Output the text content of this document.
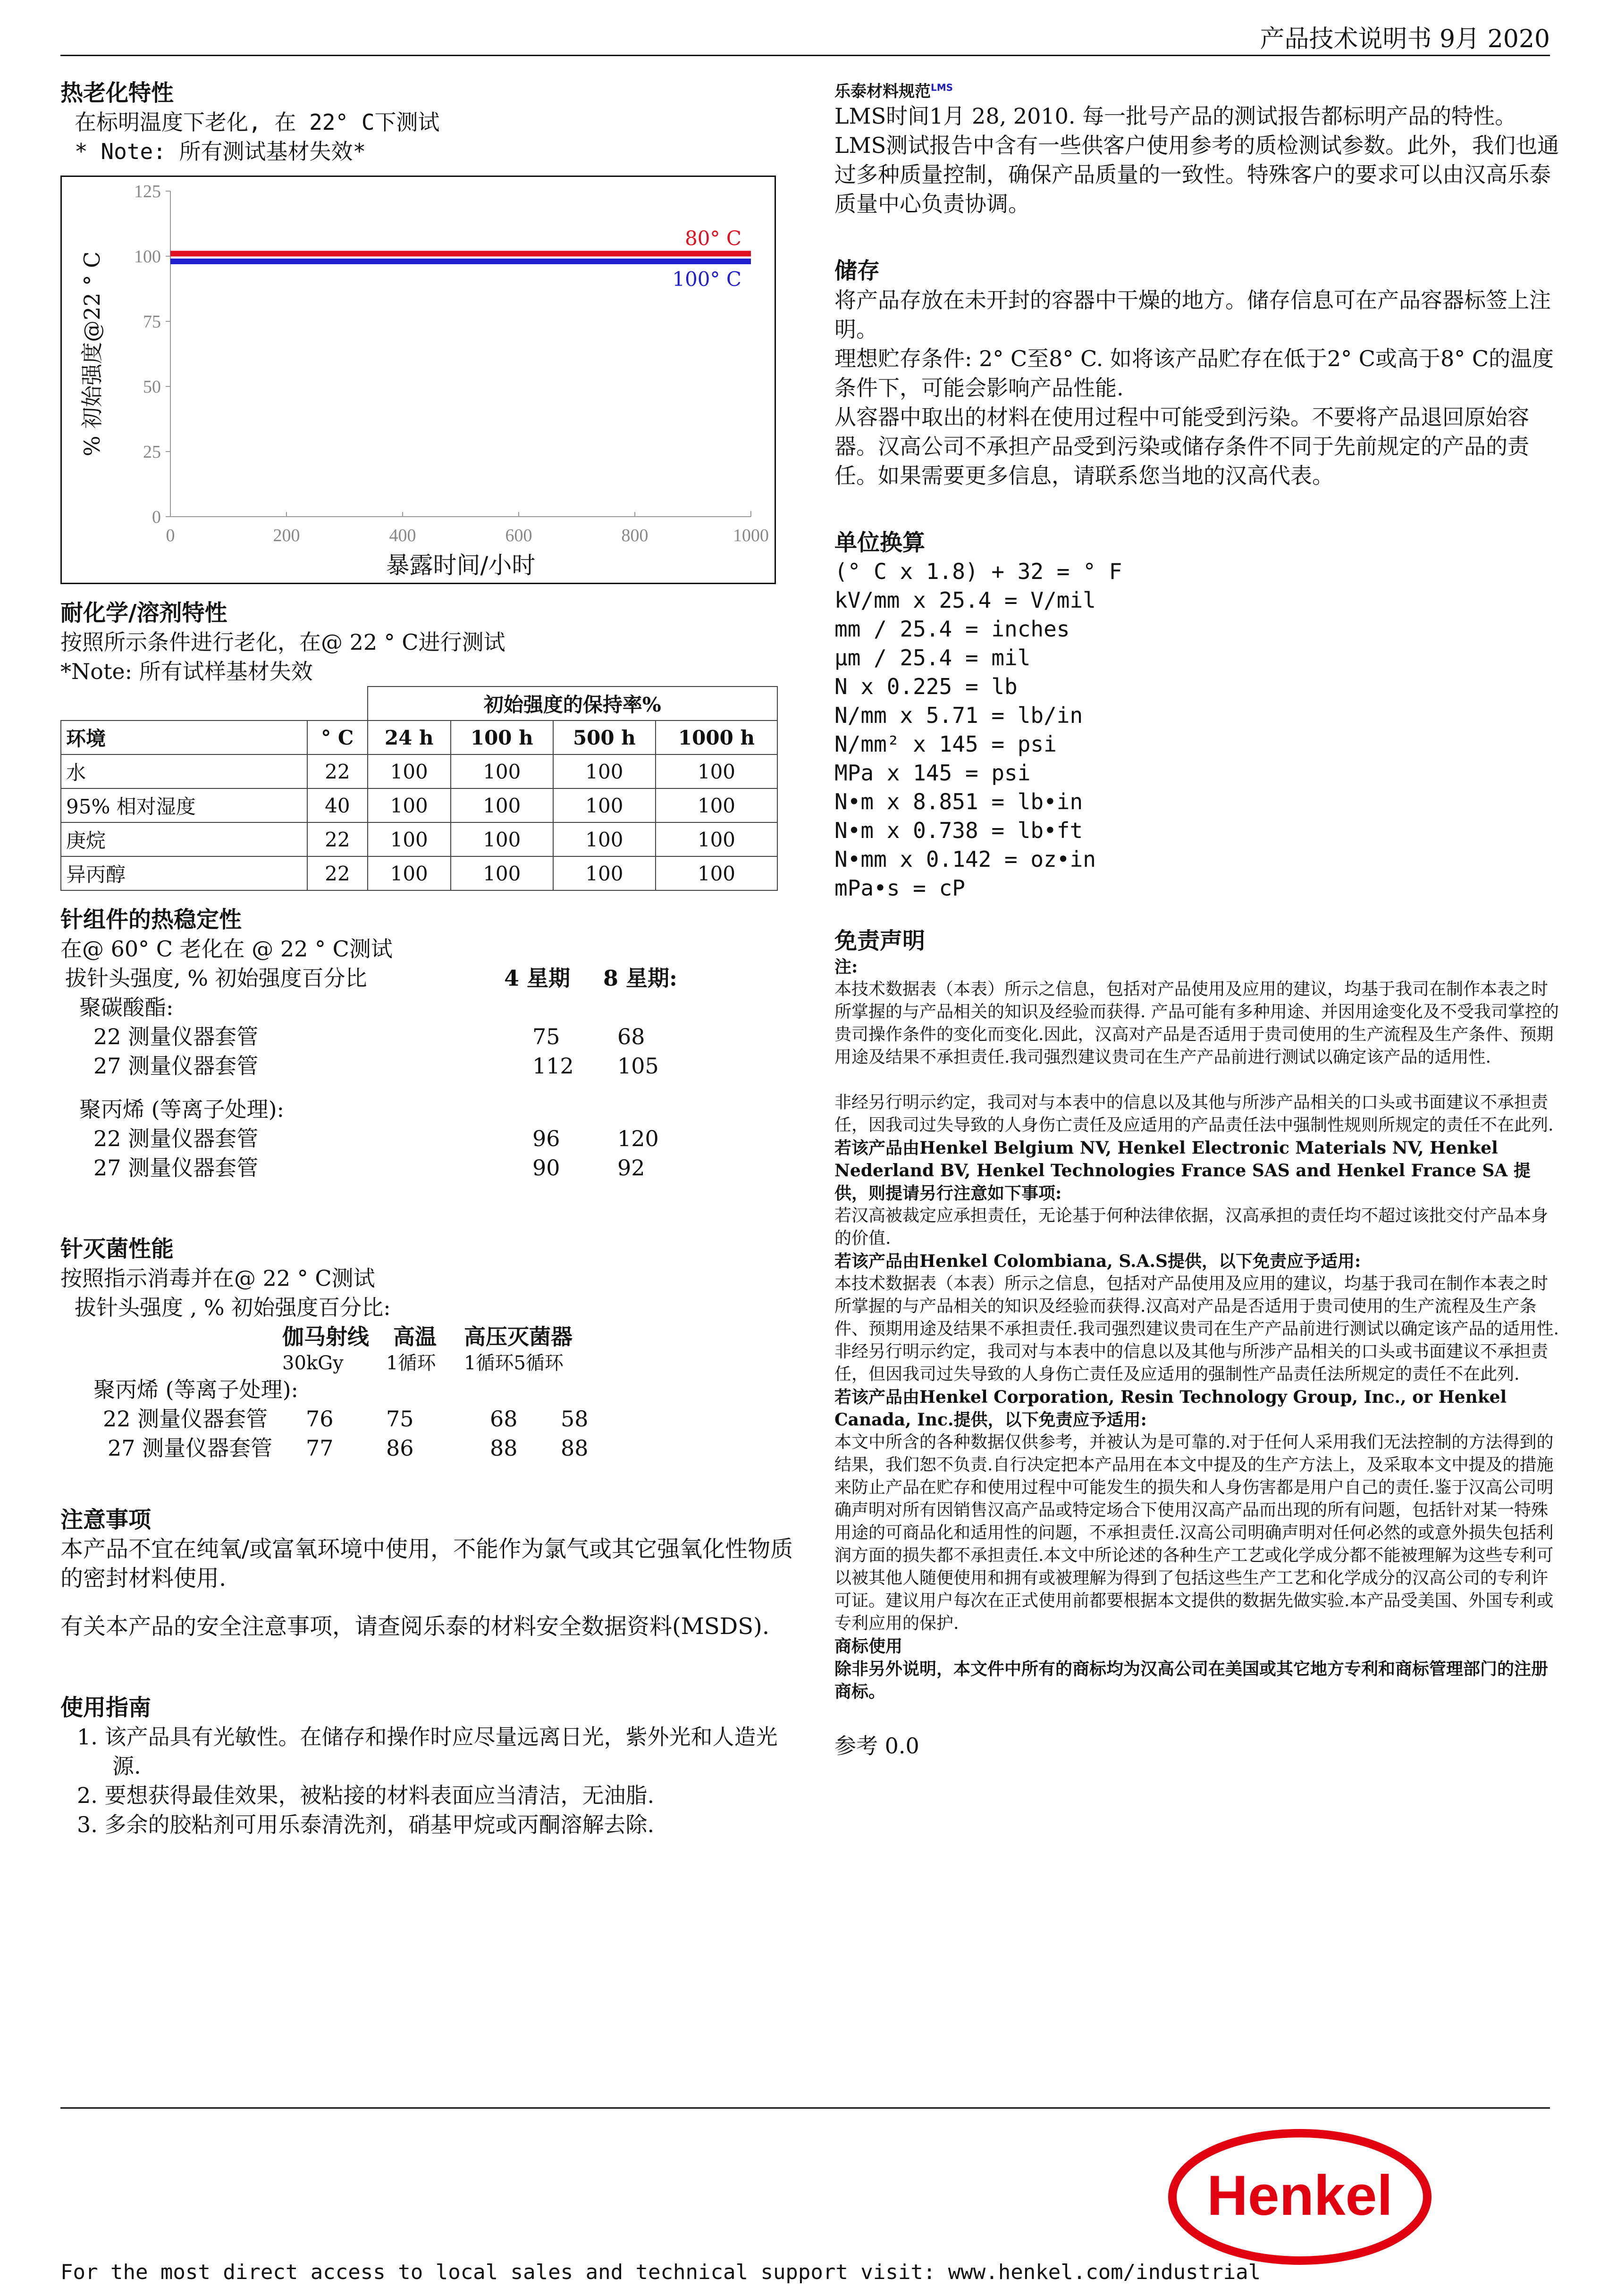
产品技术说明书 9月 2020
热老化特性
在标明温度下老化, 在 22° C下测试
* Note: 所有测试基材失效*
0
25
50
75
100
125
0	200	400	600	800	1000
暴露时间/小时
% 初始强度@22 ° C
80° C
100° C
耐化学/溶剂特性
按照所示条件进行老化，在@ 22 ° C进行测试
*Note: 所有试样基材失效
		初始强度的保持率%			
环境	° C	24 h	100 h	500 h	1000 h
水	22	100	100	100	100
95% 相对湿度	40	100	100	100	100
庚烷	22	100	100	100	100
异丙醇	22	100	100	100	100
针组件的热稳定性
在@ 60° C 老化在 @ 22 ° C测试
拔针头强度, % 初始强度百分比	4 星期 8 星期:
聚碳酸酯:
22 测量仪器套管	75	68
27 测量仪器套管	112 105
聚丙烯 (等离子处理):
22 测量仪器套管	96	120
27 测量仪器套管	90	92
针灭菌性能
按照指示消毒并在@ 22 ° C测试
拔针头强度 , % 初始强度百分比:
伽马射线 高温 高压灭菌器
30kGy 1循环 1循环5循环
聚丙烯 (等离子处理):
22 测量仪器套管 76 75	68 58
27 测量仪器套管 77 86	88 88
注意事项
本产品不宜在纯氧/或富氧环境中使用，不能作为氯气或其它强氧化性物质的密封材料使用.
有关本产品的安全注意事项，请查阅乐泰的材料安全数据资料(MSDS).
使用指南
1. 该产品具有光敏性。在储存和操作时应尽量远离日光，紫外光和人造光源.
2. 要想获得最佳效果，被粘接的材料表面应当清洁，无油脂.
3. 多余的胶粘剂可用乐泰清洗剂，硝基甲烷或丙酮溶解去除.
乐泰材料规范$^{LMS}$
LMS时间1月 28, 2010. 每一批号产品的测试报告都标明产品的特性。LMS测试报告中含有一些供客户使用参考的质检测试参数。此外，我们也通过多种质量控制，确保产品质量的一致性。特殊客户的要求可以由汉高乐泰质量中心负责协调。
储存
将产品存放在未开封的容器中干燥的地方。储存信息可在产品容器标签上注明。
理想贮存条件: 2° C至8° C. 如将该产品贮存在低于2° C或高于8° C的温度条件下，可能会影响产品性能.
从容器中取出的材料在使用过程中可能受到污染。不要将产品退回原始容器。汉高公司不承担产品受到污染或储存条件不同于先前规定的产品的责任。如果需要更多信息，请联系您当地的汉高代表。
单位换算
(° C x 1.8) + 32 = ° F
kV/mm x 25.4 = V/mil
mm / 25.4 = inches
µm / 25.4 = mil
N x 0.225 = lb
N/mm x 5.71 = lb/in
N/mm² x 145 = psi
MPa x 145 = psi
N•m x 8.851 = lb•in
N•m x 0.738 = lb•ft
N•mm x 0.142 = oz•in
mPa•s = cP
免责声明
注:
本技术数据表（本表）所示之信息，包括对产品使用及应用的建议，均基于我司在制作本表之时所掌握的与产品相关的知识及经验而获得. 产品可能有多种用途、并因用途变化及不受我司掌控的贵司操作条件的变化而变化.因此，汉高对产品是否适用于贵司使用的生产流程及生产条件、预期用途及结果不承担责任.我司强烈建议贵司在生产产品前进行测试以确定该产品的适用性.
非经另行明示约定，我司对与本表中的信息以及其他与所涉产品相关的口头或书面建议不承担责任，因我司过失导致的人身伤亡责任及应适用的产品责任法中强制性规则所规定的责任不在此列.
若该产品由Henkel Belgium NV, Henkel Electronic Materials NV, Henkel Nederland BV, Henkel Technologies France SAS and Henkel France SA 提供，则提请另行注意如下事项:
若汉高被裁定应承担责任，无论基于何种法律依据，汉高承担的责任均不超过该批交付产品本身的价值.
若该产品由Henkel Colombiana, S.A.S提供，以下免责应予适用:
本技术数据表（本表）所示之信息，包括对产品使用及应用的建议，均基于我司在制作本表之时所掌握的与产品相关的知识及经验而获得.汉高对产品是否适用于贵司使用的生产流程及生产条件、预期用途及结果不承担责任.我司强烈建议贵司在生产产品前进行测试以确定该产品的适用性.
非经另行明示约定，我司对与本表中的信息以及其他与所涉产品相关的口头或书面建议不承担责任，但因我司过失导致的人身伤亡责任及应适用的强制性产品责任法所规定的责任不在此列.
若该产品由Henkel Corporation, Resin Technology Group, Inc., or Henkel Canada, Inc.提供，以下免责应予适用:
本文中所含的各种数据仅供参考，并被认为是可靠的.对于任何人采用我们无法控制的方法得到的结果，我们恕不负责.自行决定把本产品用在本文中提及的生产方法上，及采取本文中提及的措施来防止产品在贮存和使用过程中可能发生的损失和人身伤害都是用户自己的责任.鉴于汉高公司明确声明对所有因销售汉高产品或特定场合下使用汉高产品而出现的所有问题，包括针对某一特殊用途的可商品化和适用性的问题，不承担责任.汉高公司明确声明对任何必然的或意外损失包括利润方面的损失都不承担责任.本文中所论述的各种生产工艺或化学成分都不能被理解为这些专利可以被其他人随便使用和拥有或被理解为得到了包括这些生产工艺和化学成分的汉高公司的专利许可证。建议用户每次在正式使用前都要根据本文提供的数据先做实验.本产品受美国、外国专利或专利应用的保护.
商标使用
除非另外说明，本文件中所有的商标均为汉高公司在美国或其它地方专利和商标管理部门的注册商标。
参考 0.0
Henkel
For the most direct access to local sales and technical support visit: www.henkel.com/industrial
